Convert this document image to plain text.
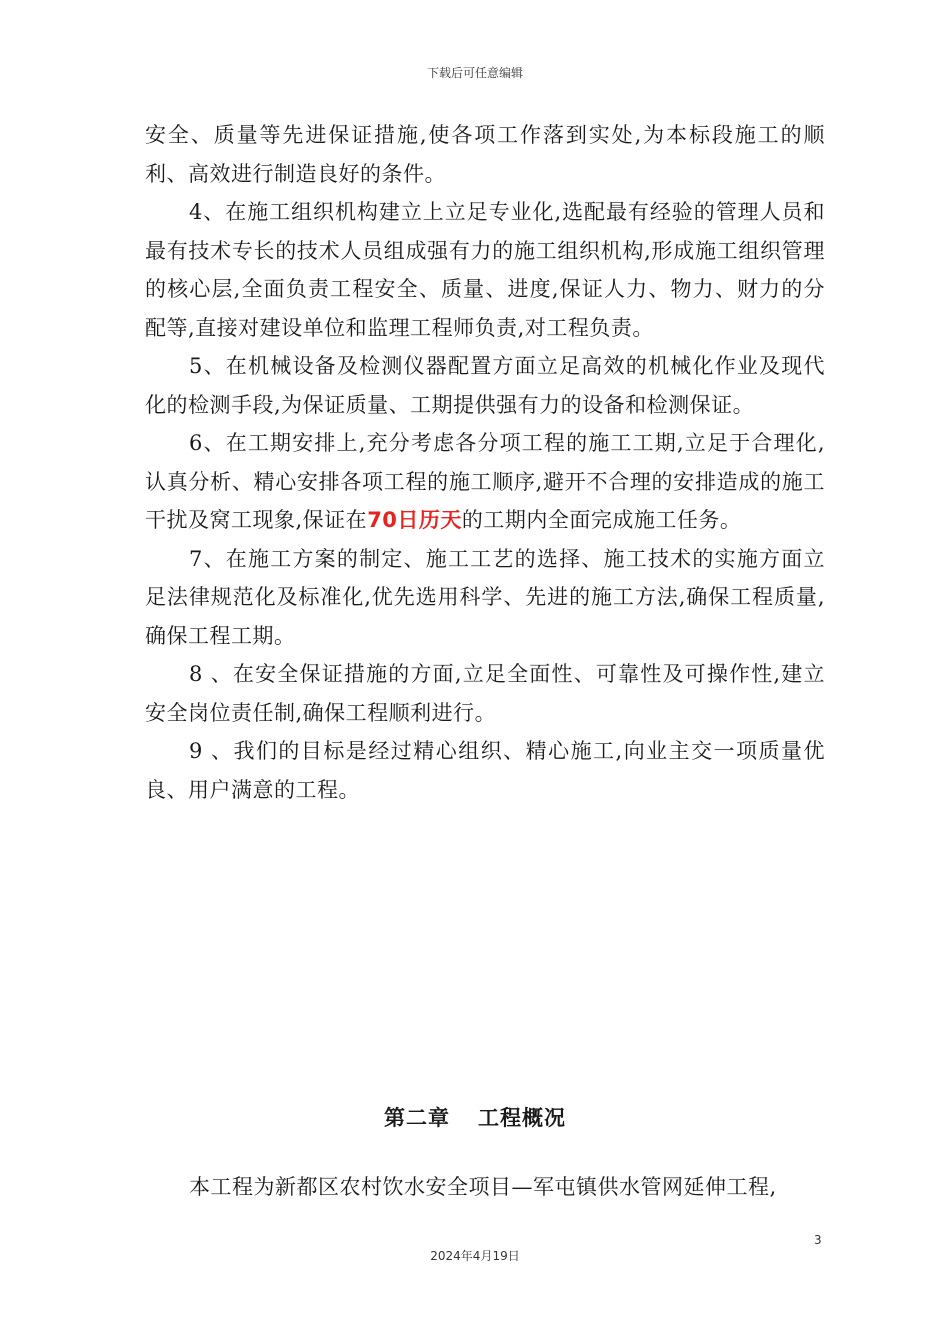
下载后可任意编辑

安全、质量等先进保证措施,使各项工作落到实处,为本标段施工的顺利、高效进行制造良好的条件。

4、在施工组织机构建立上立足专业化,选配最有经验的管理人员和最有技术专长的技术人员组成强有力的施工组织机构,形成施工组织管理的核心层,全面负责工程安全、质量、进度,保证人力、物力、财力的分配等,直接对建设单位和监理工程师负责,对工程负责。

5、在机械设备及检测仪器配置方面立足高效的机械化作业及现代化的检测手段,为保证质量、工期提供强有力的设备和检测保证。

6、在工期安排上,充分考虑各分项工程的施工工期,立足于合理化,认真分析、精心安排各项工程的施工顺序,避开不合理的安排造成的施工干扰及窝工现象,保证在70日历天的工期内全面完成施工任务。

7、在施工方案的制定、施工工艺的选择、施工技术的实施方面立足法律规范化及标准化,优先选用科学、先进的施工方法,确保工程质量,确保工程工期。

8 、在安全保证措施的方面,立足全面性、可靠性及可操作性,建立安全岗位责任制,确保工程顺利进行。

9 、我们的目标是经过精心组织、精心施工,向业主交一项质量优良、用户满意的工程。

第二章 工程概况
本工程为新都区农村饮水安全项目—军屯镇供水管网延伸工程,
3
2024年4月19日
